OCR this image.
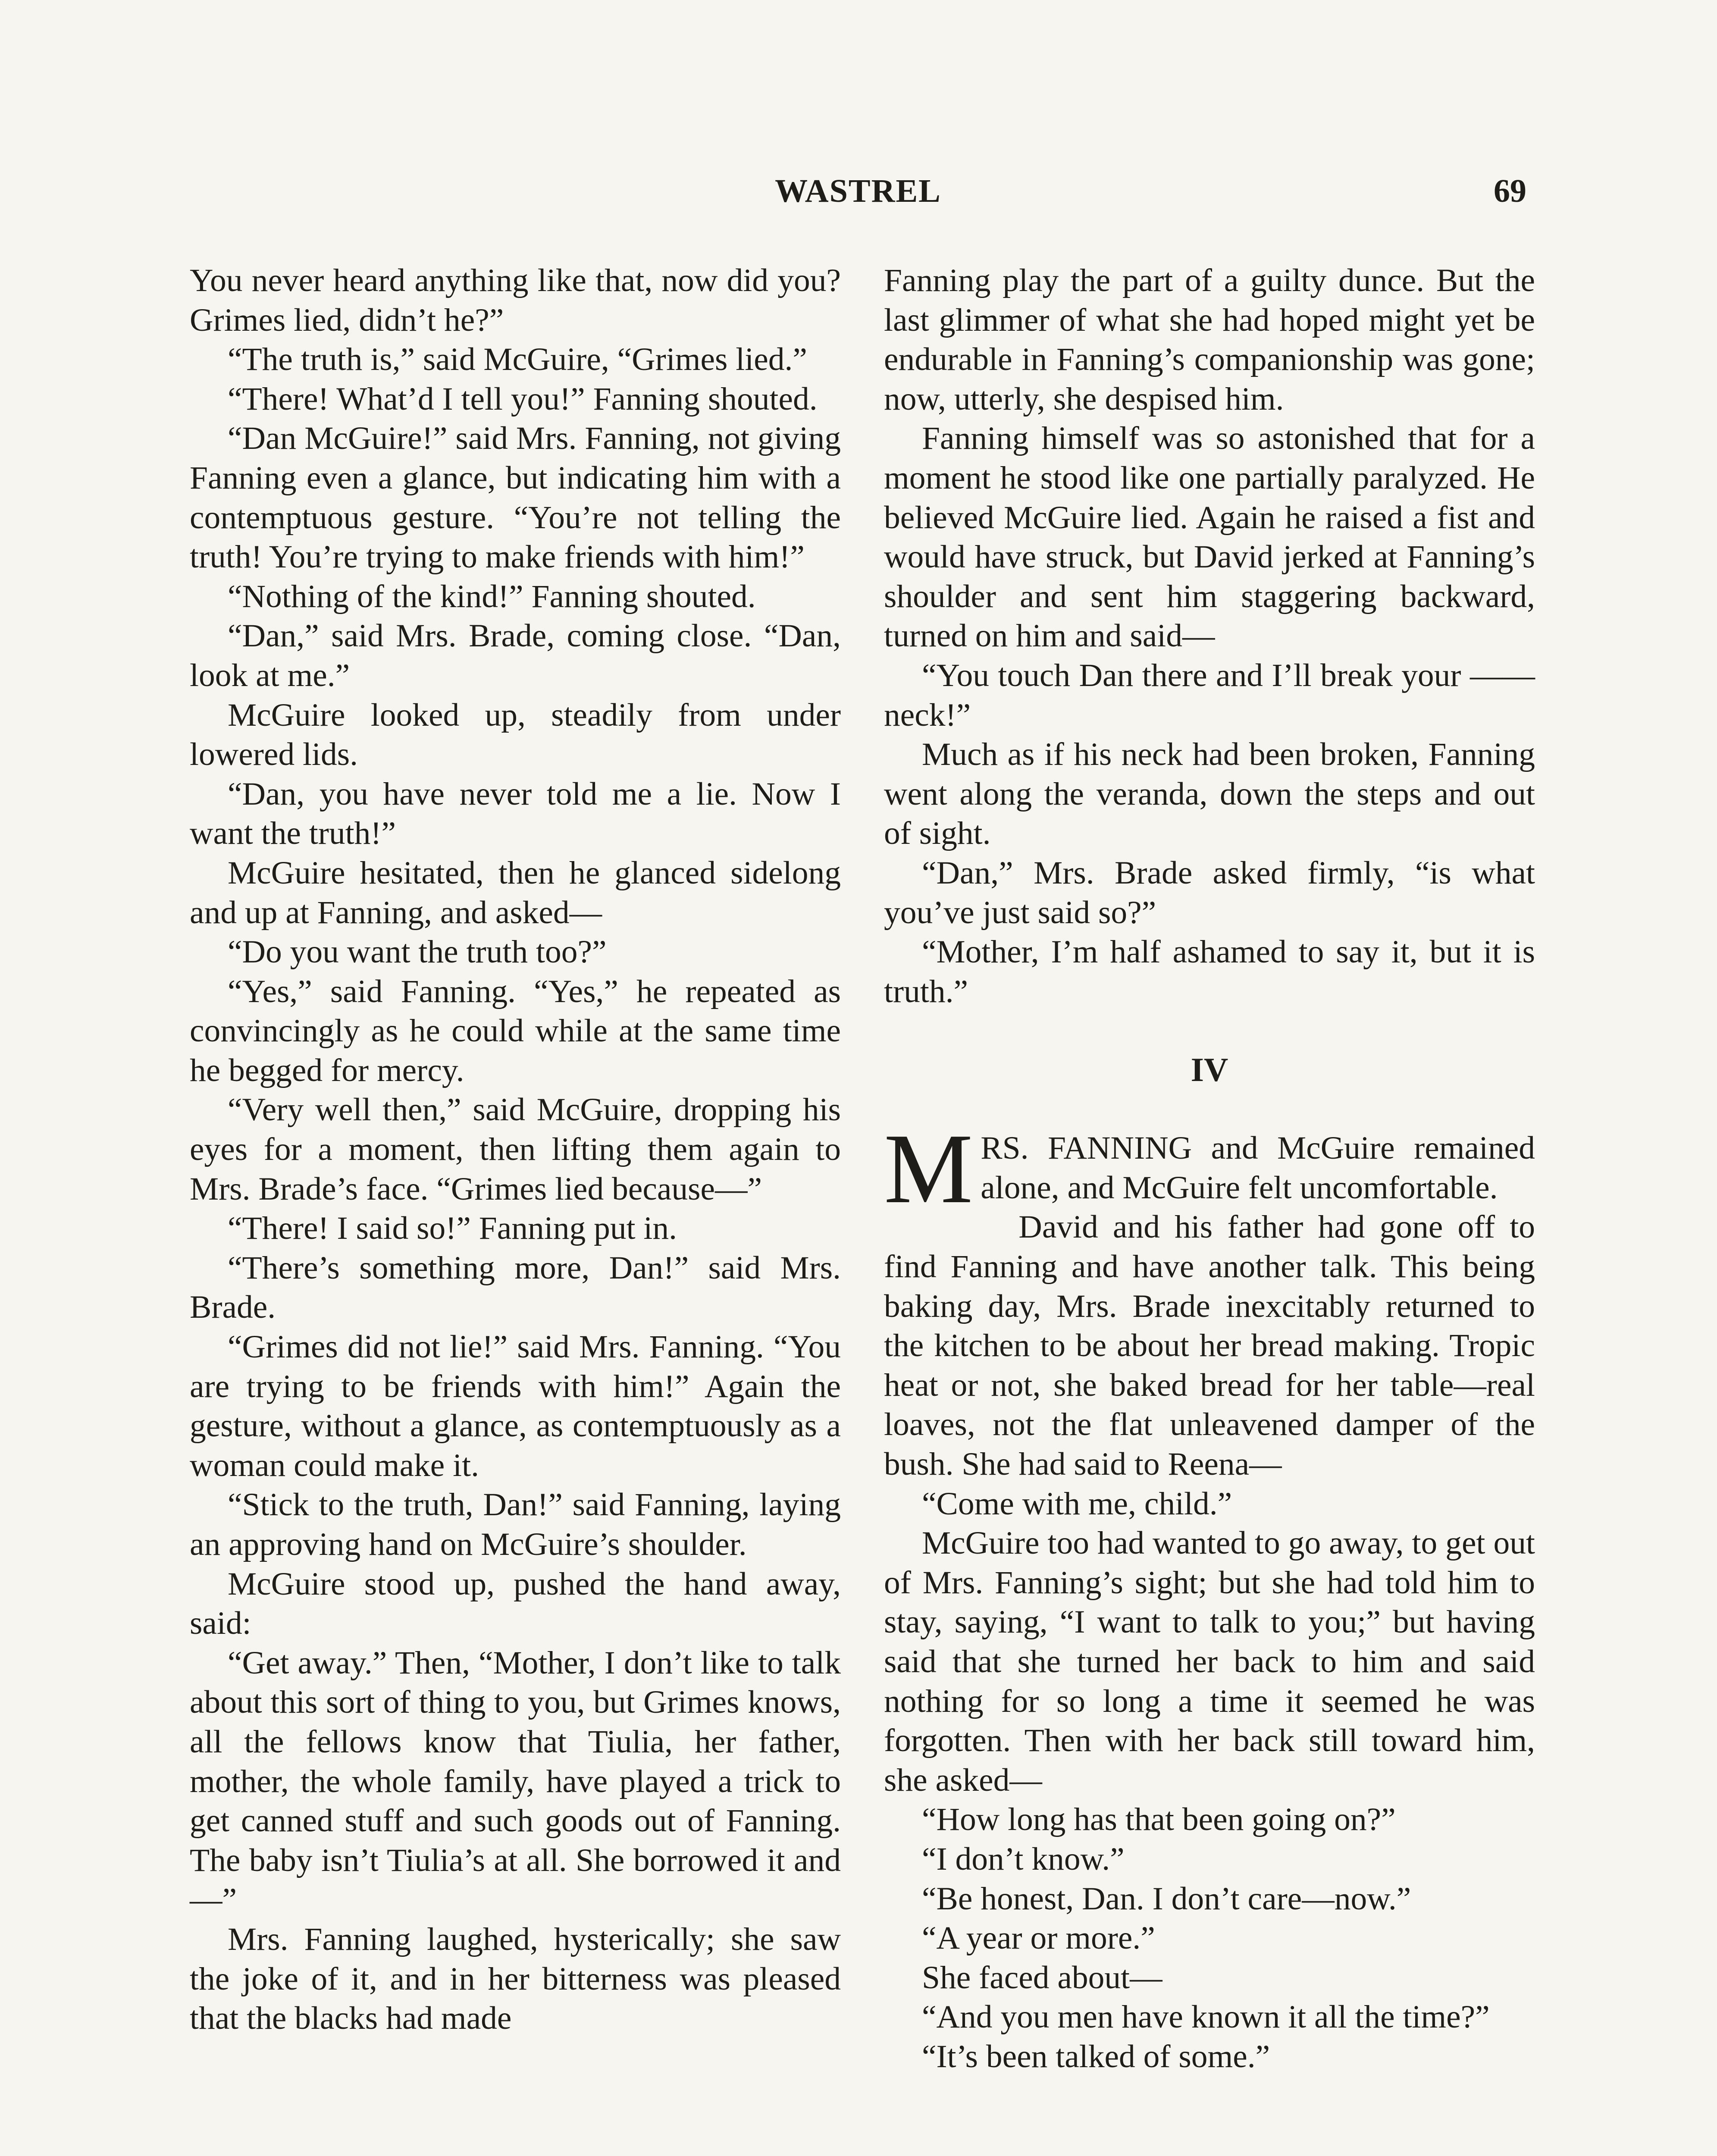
WASTREL	69

You never heard anything like that, now did you? Grimes lied, didn’t he?”

“The truth is,” said McGuire, “Grimes lied.”

“There! What’d I tell you!” Fanning shouted.

“Dan McGuire!” said Mrs. Fanning, not giving Fanning even a glance, but indicating him with a contemptuous gesture. “You’re not telling the truth! You’re trying to make friends with him!”

“Nothing of the kind!” Fanning shouted.

“Dan,” said Mrs. Brade, coming close. “Dan, look at me.”

McGuire looked up, steadily from under lowered lids.

“Dan, you have never told me a lie. Now I want the truth!”

McGuire hesitated, then he glanced sidelong and up at Fanning, and asked—

“Do you want the truth too?”

“Yes,” said Fanning. “Yes,” he repeated as convincingly as he could while at the same time he begged for mercy.

“Very well then,” said McGuire, dropping his eyes for a moment, then lifting them again to Mrs. Brade’s face. “Grimes lied because—”

“There! I said so!” Fanning put in.

“There’s something more, Dan!” said Mrs. Brade.

“Grimes did not lie!” said Mrs. Fanning. “You are trying to be friends with him!” Again the gesture, without a glance, as contemptuously as a woman could make it.

“Stick to the truth, Dan!” said Fanning, laying an approving hand on McGuire’s shoulder.

McGuire stood up, pushed the hand away, said:

“Get away.” Then, “Mother, I don’t like to talk about this sort of thing to you, but Grimes knows, all the fellows know that Tiulia, her father, mother, the whole family, have played a trick to get canned stuff and such goods out of Fanning. The baby isn’t Tiulia’s at all. She borrowed it and—”

Mrs. Fanning laughed, hysterically; she saw the joke of it, and in her bitterness was pleased that the blacks had made

Fanning play the part of a guilty dunce. But the last glimmer of what she had hoped might yet be endurable in Fanning’s companionship was gone; now, utterly, she despised him.

Fanning himself was so astonished that for a moment he stood like one partially paralyzed. He believed McGuire lied. Again he raised a fist and would have struck, but David jerked at Fanning’s shoulder and sent him staggering backward, turned on him and said—

“You touch Dan there and I’ll break your —— neck!”

Much as if his neck had been broken, Fanning went along the veranda, down the steps and out of sight.

“Dan,” Mrs. Brade asked firmly, “is what you’ve just said so?”

“Mother, I’m half ashamed to say it, but it is truth.”

IV

M RS. FANNING and McGuire remained alone, and McGuire felt uncomfortable.

David and his father had gone off to find Fanning and have another talk. This being baking day, Mrs. Brade inexcitably returned to the kitchen to be about her bread making. Tropic heat or not, she baked bread for her table—real loaves, not the flat unleavened damper of the bush. She had said to Reena—

“Come with me, child.”

McGuire too had wanted to go away, to get out of Mrs. Fanning’s sight; but she had told him to stay, saying, “I want to talk to you;” but having said that she turned her back to him and said nothing for so long a time it seemed he was forgotten. Then with her back still toward him, she asked—

“How long has that been going on?”

“I don’t know.”

“Be honest, Dan. I don’t care—now.”

“A year or more.”

She faced about—

“And you men have known it all the time?”

“It’s been talked of some.”
